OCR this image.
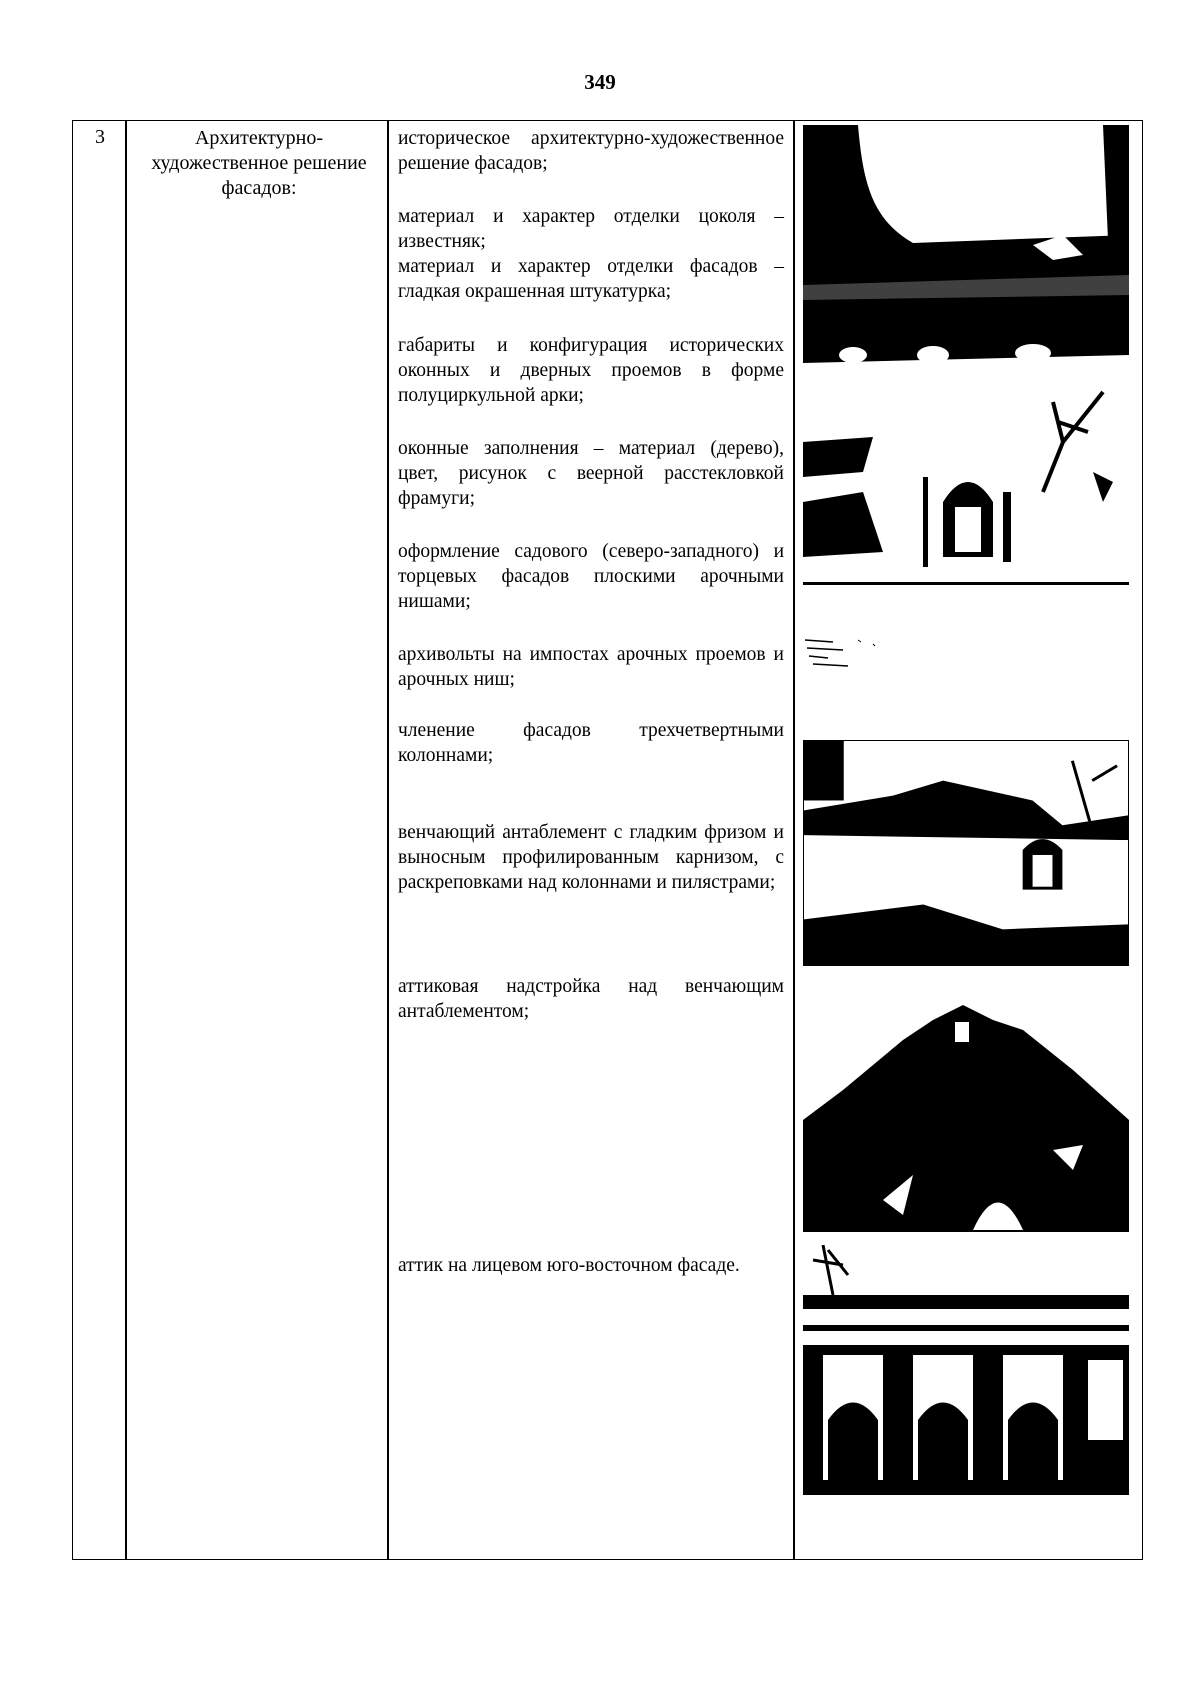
349
3	Архитектурно-художественное решение фасадов:
историческое архитектурно-художественное решение фасадов;
материал и характер отделки цоколя – известняк;
материал и характер отделки фасадов – гладкая окрашенная штукатурка;
габариты и конфигурация исторических оконных и дверных проемов в форме полуциркульной арки;
оконные заполнения – материал (дерево), цвет, рисунок с веерной расстекловкой фрамуги;
оформление садового (северо-западного) и торцевых фасадов плоскими арочными нишами;
архивольты на импостах арочных проемов и арочных ниш;
членение фасадов трехчетвертными колоннами;
венчающий антаблемент с гладким фризом и выносным профилированным карнизом, с раскреповками над колоннами и пилястрами;
аттиковая надстройка над венчающим антаблементом;
аттик на лицевом юго-восточном фасаде.
